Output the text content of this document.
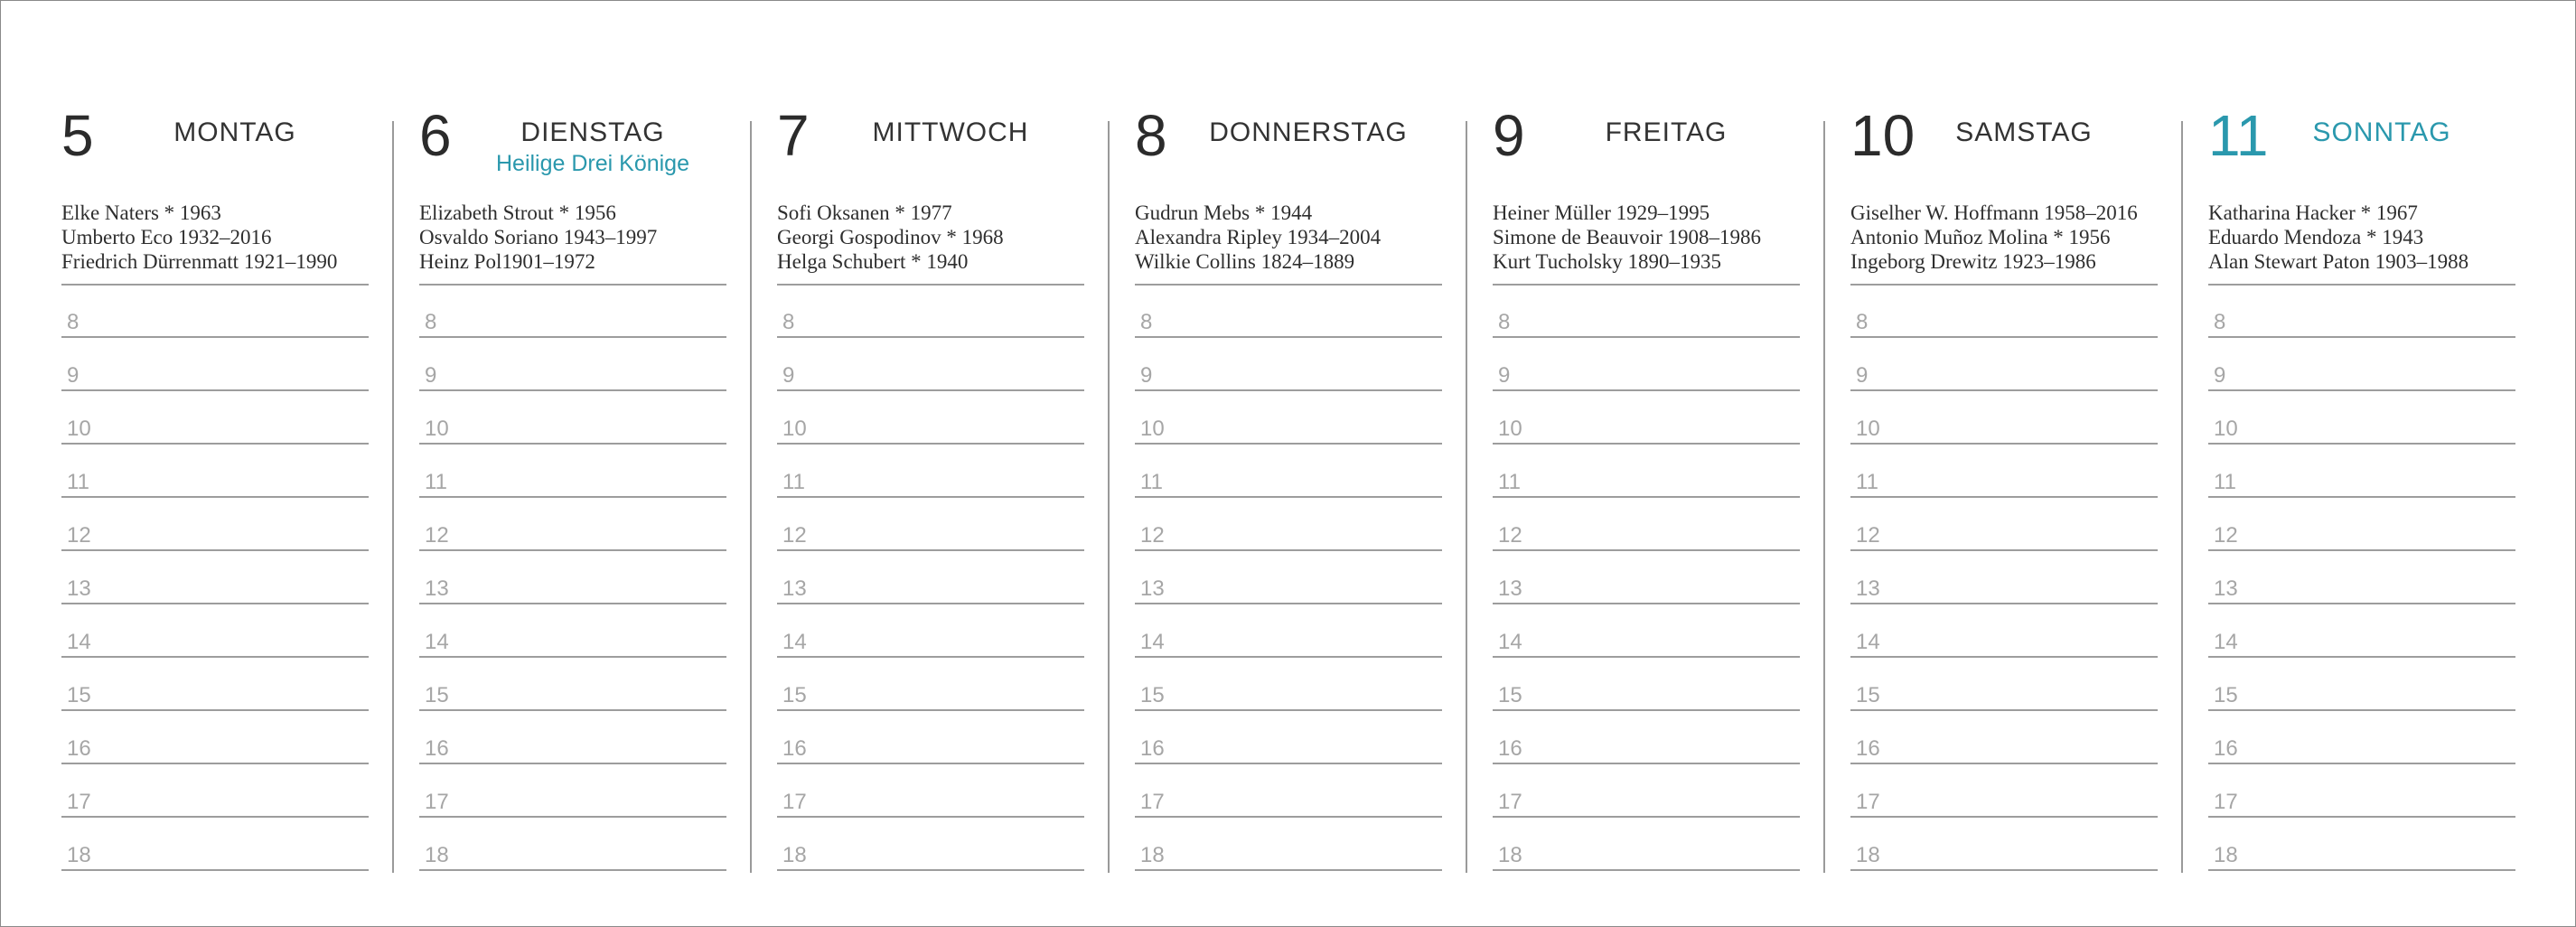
5	MONTAG
Elke Naters * 1963
Umberto Eco 1932–2016
Friedrich Dürrenmatt 1921–1990
8
9
10
11
12
13
14
15
16
17
18
6	DIENSTAG
Heilige Drei Könige
Elizabeth Strout * 1956
Osvaldo Soriano 1943–1997
Heinz Pol1901–1972
8
9
10
11
12
13
14
15
16
17
18
7	MITTWOCH
Sofi Oksanen * 1977
Georgi Gospodinov * 1968
Helga Schubert * 1940
8
9
10
11
12
13
14
15
16
17
18
8	DONNERSTAG
Gudrun Mebs * 1944
Alexandra Ripley 1934–2004
Wilkie Collins 1824–1889
8
9
10
11
12
13
14
15
16
17
18
9	FREITAG
Heiner Müller 1929–1995
Simone de Beauvoir 1908–1986
Kurt Tucholsky 1890–1935
8
9
10
11
12
13
14
15
16
17
18
10	SAMSTAG
Giselher W. Hoffmann 1958–2016
Antonio Muñoz Molina * 1956
Ingeborg Drewitz 1923–1986
8
9
10
11
12
13
14
15
16
17
18
11	SONNTAG
Katharina Hacker * 1967
Eduardo Mendoza * 1943
Alan Stewart Paton 1903–1988
8
9
10
11
12
13
14
15
16
17
18
